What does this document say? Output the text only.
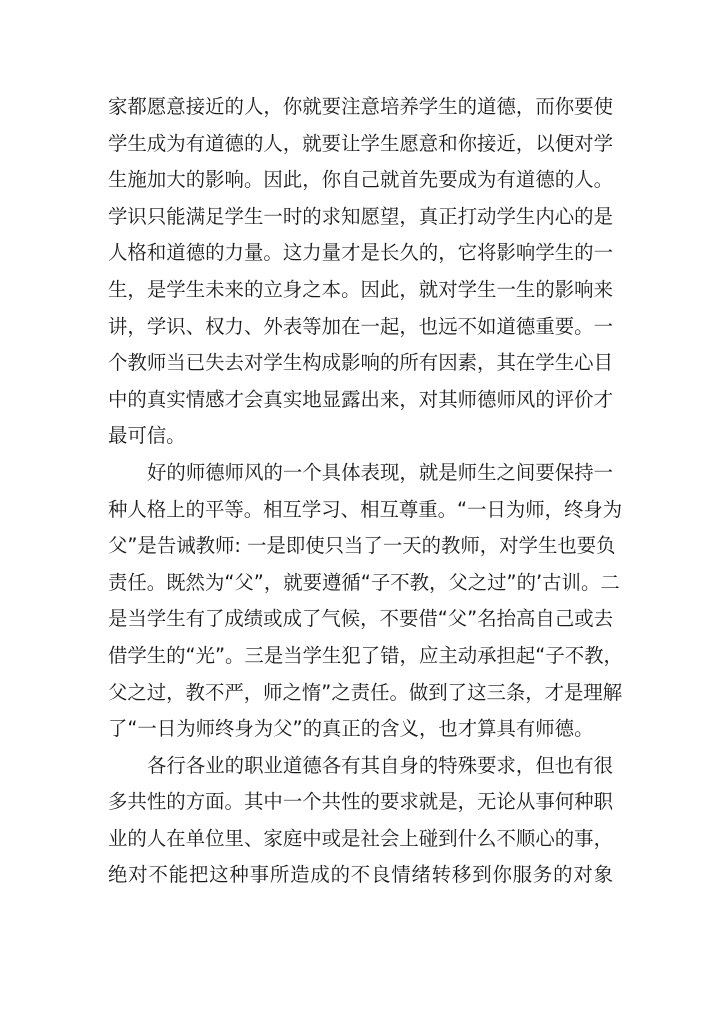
家都愿意接近的人，你就要注意培养学生的道德，而你要使
学生成为有道德的人，就要让学生愿意和你接近，以便对学
生施加大的影响。因此，你自己就首先要成为有道德的人。
学识只能满足学生一时的求知愿望，真正打动学生内心的是
人格和道德的力量。这力量才是长久的，它将影响学生的一
生，是学生未来的立身之本。因此，就对学生一生的影响来
讲，学识、权力、外表等加在一起，也远不如道德重要。一
个教师当已失去对学生构成影响的所有因素，其在学生心目
中的真实情感才会真实地显露出来，对其师德师风的评价才
最可信。
好的师德师风的一个具体表现，就是师生之间要保持一
种人格上的平等。相互学习、相互尊重。“一日为师，终身为
父”是告诫教师: 一是即使只当了一天的教师，对学生也要负
责任。既然为“父”，就要遵循“子不教，父之过”的’古训。二
是当学生有了成绩或成了气候，不要借“父”名抬高自己或去
借学生的“光”。三是当学生犯了错，应主动承担起“子不教，
父之过，教不严，师之惰”之责任。做到了这三条，才是理解
了“一日为师终身为父”的真正的含义，也才算具有师德。
各行各业的职业道德各有其自身的特殊要求，但也有很
多共性的方面。其中一个共性的要求就是，无论从事何种职
业的人在单位里、家庭中或是社会上碰到什么不顺心的事，
绝对不能把这种事所造成的不良情绪转移到你服务的对象
